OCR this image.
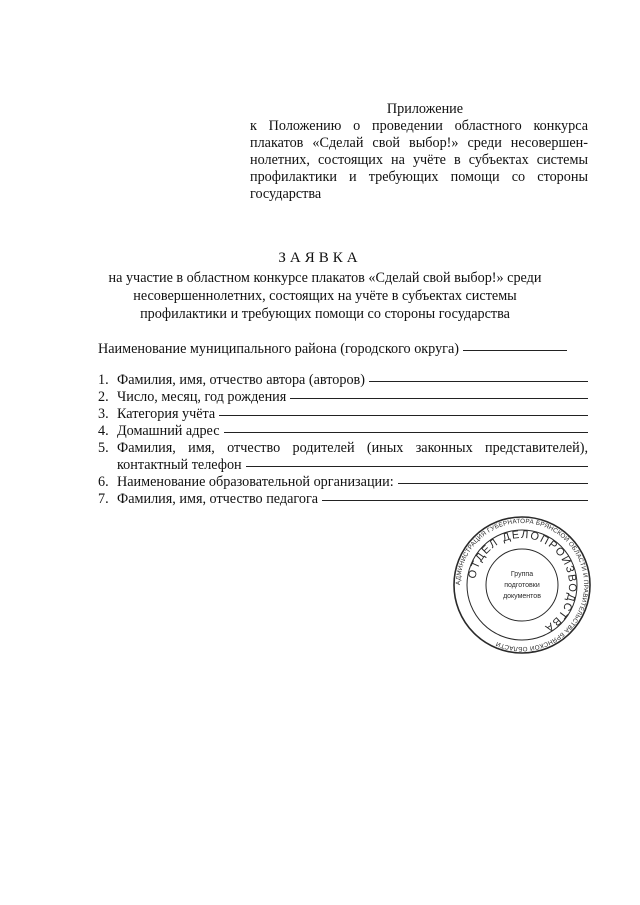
Приложение
к Положению о проведении областного конкурса плакатов «Сделай свой выбор!» среди несовершен- нолетних, состоящих на учёте в субъектах системы профилактики и требующих помощи со стороны государства
ЗАЯВКА
на участие в областном конкурсе плакатов «Сделай свой выбор!» среди несовершеннолетних, состоящих на учёте в субъектах системы профилактики и требующих помощи со стороны государства
Наименование муниципального района (городского округа)
1. Фамилия, имя, отчество автора (авторов)
2. Число, месяц, год рождения
3. Категория учёта
4. Домашний адрес
5. Фамилия, имя, отчество родителей (иных законных представителей),
контактный телефон
6. Наименование образовательной организации:
7. Фамилия, имя, отчество педагога
АДМИНИСТРАЦИЯ ГУБЕРНАТОРА БРЯНСКОЙ ОБЛАСТИ И ПРАВИТЕЛЬСТВА БРЯНСКОЙ ОБЛАСТИ
ОТДЕЛ ДЕЛОПРОИЗВОДСТВА
Группа
подготовки
документов
